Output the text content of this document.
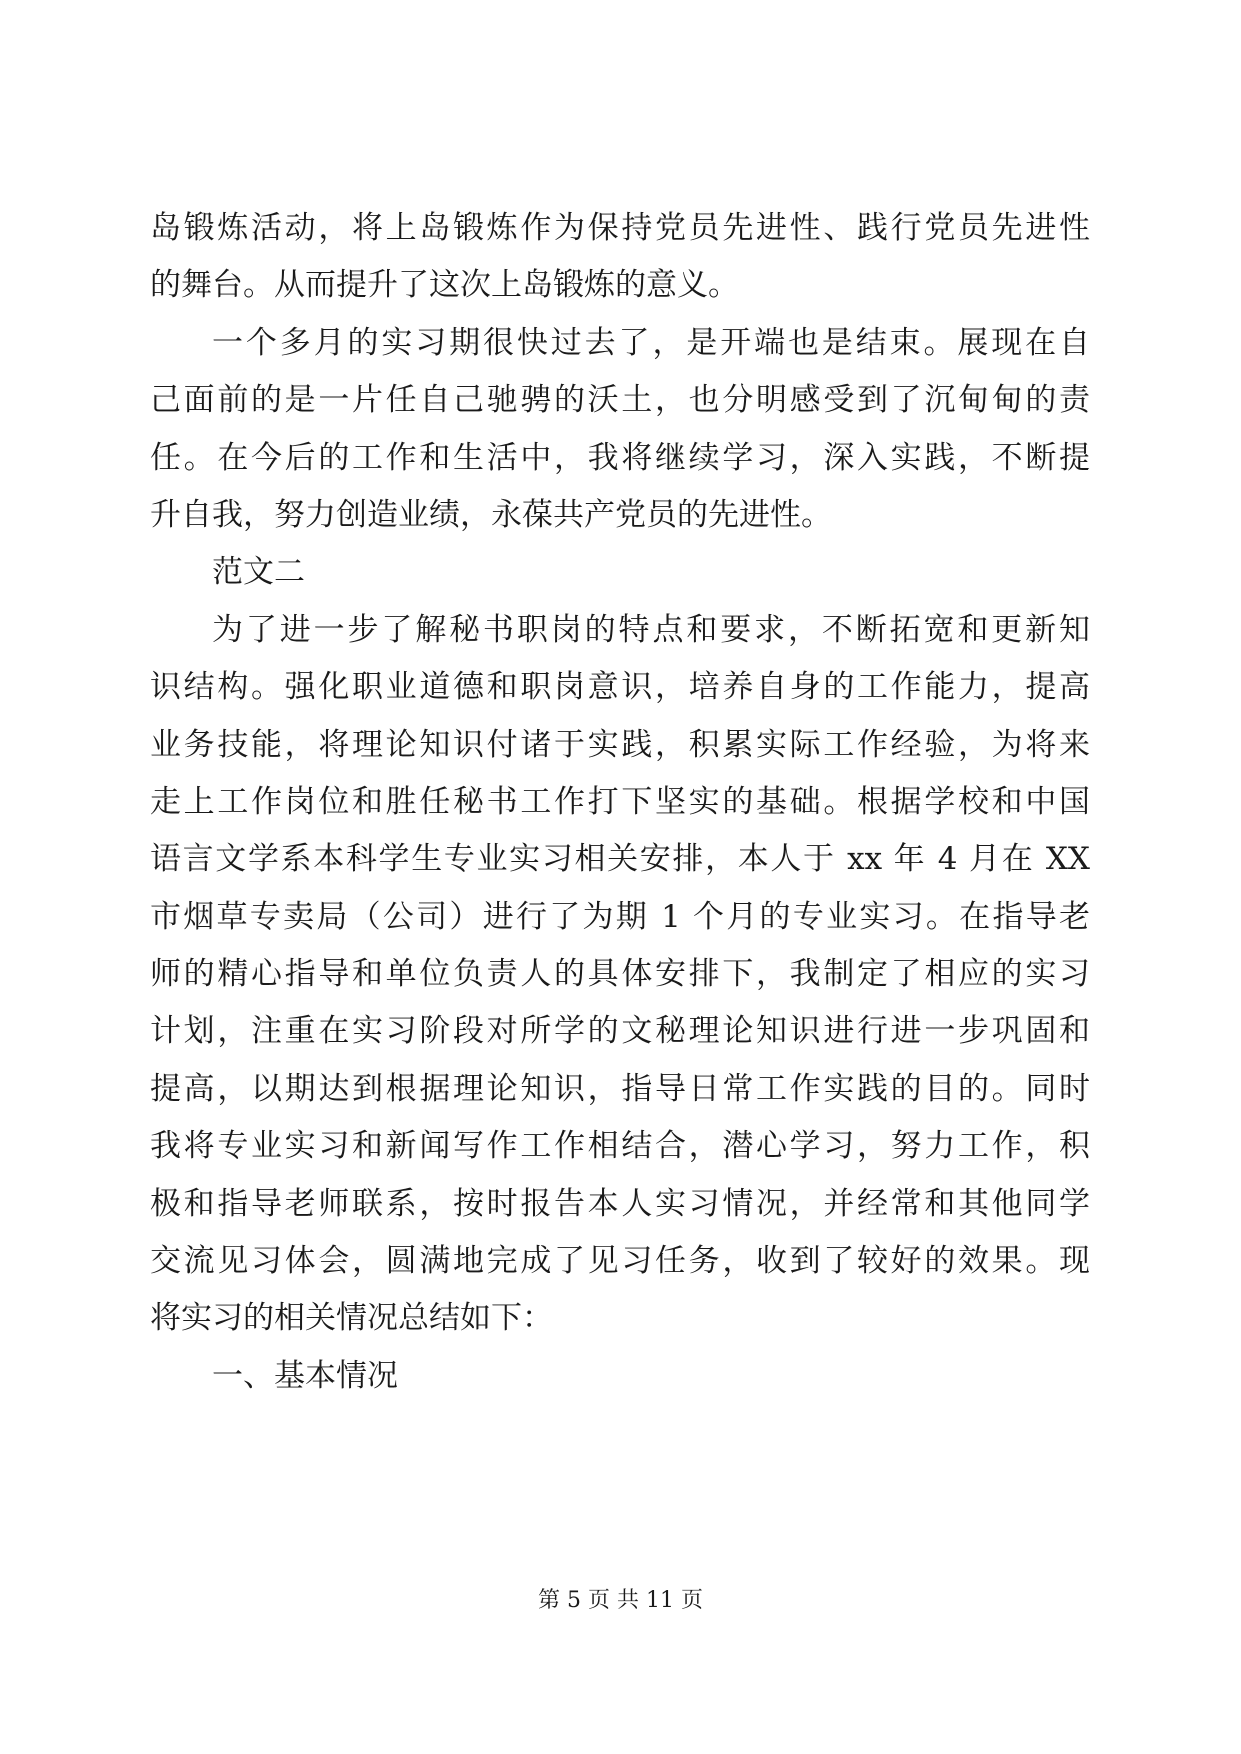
岛锻炼活动，将上岛锻炼作为保持党员先进性、践行党员先进性
的舞台。从而提升了这次上岛锻炼的意义。
一个多月的实习期很快过去了，是开端也是结束。展现在自
己面前的是一片任自己驰骋的沃土，也分明感受到了沉甸甸的责
任。在今后的工作和生活中，我将继续学习，深入实践，不断提
升自我，努力创造业绩，永葆共产党员的先进性。
范文二
为了进一步了解秘书职岗的特点和要求，不断拓宽和更新知
识结构。强化职业道德和职岗意识，培养自身的工作能力，提高
业务技能，将理论知识付诸于实践，积累实际工作经验，为将来
走上工作岗位和胜任秘书工作打下坚实的基础。根据学校和中国
语言文学系本科学生专业实习相关安排，本人于 xx 年 4 月在 XX
市烟草专卖局（公司）进行了为期 1 个月的专业实习。在指导老
师的精心指导和单位负责人的具体安排下，我制定了相应的实习
计划，注重在实习阶段对所学的文秘理论知识进行进一步巩固和
提高，以期达到根据理论知识，指导日常工作实践的目的。同时
我将专业实习和新闻写作工作相结合，潜心学习，努力工作，积
极和指导老师联系，按时报告本人实习情况，并经常和其他同学
交流见习体会，圆满地完成了见习任务，收到了较好的效果。现
将实习的相关情况总结如下：
一、基本情况
第 5 页 共 11 页
